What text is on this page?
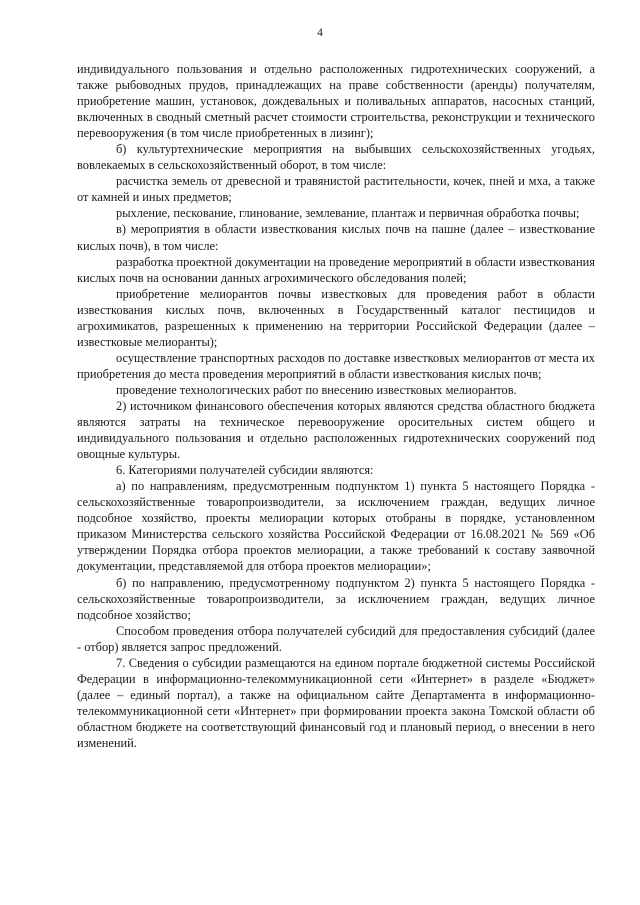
4

индивидуального пользования и отдельно расположенных гидротехнических сооружений, а также рыбоводных прудов, принадлежащих на праве собственности (аренды) получателям, приобретение машин, установок, дождевальных и поливальных аппаратов, насосных станций, включенных в сводный сметный расчет стоимости строительства, реконструкции и технического перевооружения (в том числе приобретенных в лизинг);

б) культуртехнические мероприятия на выбывших сельскохозяйственных угодьях, вовлекаемых в сельскохозяйственный оборот, в том числе:

расчистка земель от древесной и травянистой растительности, кочек, пней и мха, а также от камней и иных предметов;

рыхление, пескование, глинование, землевание, плантаж и первичная обработка почвы;

в) мероприятия в области известкования кислых почв на пашне (далее – известкование кислых почв), в том числе:

разработка проектной документации на проведение мероприятий в области известкования кислых почв на основании данных агрохимического обследования полей;

приобретение мелиорантов почвы известковых для проведения работ в области известкования кислых почв, включенных в Государственный каталог пестицидов и агрохимикатов, разрешенных к применению на территории Российской Федерации (далее – известковые мелиоранты);

осуществление транспортных расходов по доставке известковых мелиорантов от места их приобретения до места проведения мероприятий в области известкования кислых почв;

проведение технологических работ по внесению известковых мелиорантов.

2) источником финансового обеспечения которых являются средства областного бюджета являются затраты на техническое перевооружение оросительных систем общего и индивидуального пользования и отдельно расположенных гидротехнических сооружений под овощные культуры.

6. Категориями получателей субсидии являются:

а) по направлениям, предусмотренным подпунктом 1) пункта 5 настоящего Порядка - сельскохозяйственные товаропроизводители, за исключением граждан, ведущих личное подсобное хозяйство, проекты мелиорации которых отобраны в порядке, установленном приказом Министерства сельского хозяйства Российской Федерации от 16.08.2021 № 569 «Об утверждении Порядка отбора проектов мелиорации, а также требований к составу заявочной документации, представляемой для отбора проектов мелиорации»;

б) по направлению, предусмотренному подпунктом 2) пункта 5 настоящего Порядка - сельскохозяйственные товаропроизводители, за исключением граждан, ведущих личное подсобное хозяйство;

Способом проведения отбора получателей субсидий для предоставления субсидий (далее - отбор) является запрос предложений.

7. Сведения о субсидии размещаются на едином портале бюджетной системы Российской Федерации в информационно-телекоммуникационной сети «Интернет» в разделе «Бюджет» (далее – единый портал), а также на официальном сайте Департамента в информационно-телекоммуникационной сети «Интернет» при формировании проекта закона Томской области об областном бюджете на соответствующий финансовый год и плановый период, о внесении в него изменений.
